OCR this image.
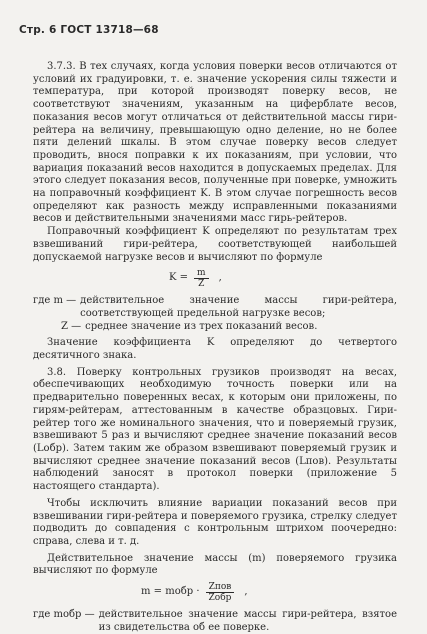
Стр. 6 ГОСТ 13718—68

3.7.3. В тех случаях, когда условия поверки весов отличаются от условий их градуировки, т. е. значение ускорения силы тяжести и температура, при которой производят поверку весов, не соответствуют значениям, указанным на циферблате весов, показания весов могут отличаться от действительной массы гири-рейтера на величину, превышающую одно деление, но не более пяти делений шкалы. В этом случае поверку весов следует проводить, внося поправки к их показаниям, при условии, что вариация показаний весов находится в допускаемых пределах. Для этого следует показания весов, полученные при поверке, умножить на поправочный коэффициент K. В этом случае погрешность весов определяют как разность между исправленными показаниями весов и действительными значениями масс гирь-рейтеров.

Поправочный коэффициент K определяют по результатам трех взвешиваний гири-рейтера, соответствующей наибольшей допускаемой нагрузке весов и вычисляют по формуле

$K = \frac{m}{Z}$ ,
где m — действительное значение массы гири-рейтера, соответствующей предельной нагрузке весов;
Z — среднее значение из трех показаний весов.

Значение коэффициента K определяют до четвертого десятичного знака.

3.8. Поверку контрольных грузиков производят на весах, обеспечивающих необходимую точность поверки или на предварительно поверенных весах, к которым они приложены, по гирям-рейтерам, аттестованным в качестве образцовых. Гири-рейтер того же номинального значения, что и поверяемый грузик, взвешивают 5 раз и вычисляют среднее значение показаний весов (Lобр). Затем таким же образом взвешивают поверяемый грузик и вычисляют среднее значение показаний весов (Lпов). Результаты наблюдений заносят в протокол поверки (приложение 5 настоящего стандарта).

Чтобы исключить влияние вариации показаний весов при взвешивании гири-рейтера и поверяемого грузика, стрелку следует подводить до совпадения с контрольным штрихом поочередно: справа, слева и т. д.

Действительное значение массы (m) поверяемого грузика вычисляют по формуле

m = mобр · $\frac{\text{Zпов}}{\text{Zобр}}$ ,
где mобр — действительное значение массы гири-рейтера, взятое из свидетельства об ее поверке.
